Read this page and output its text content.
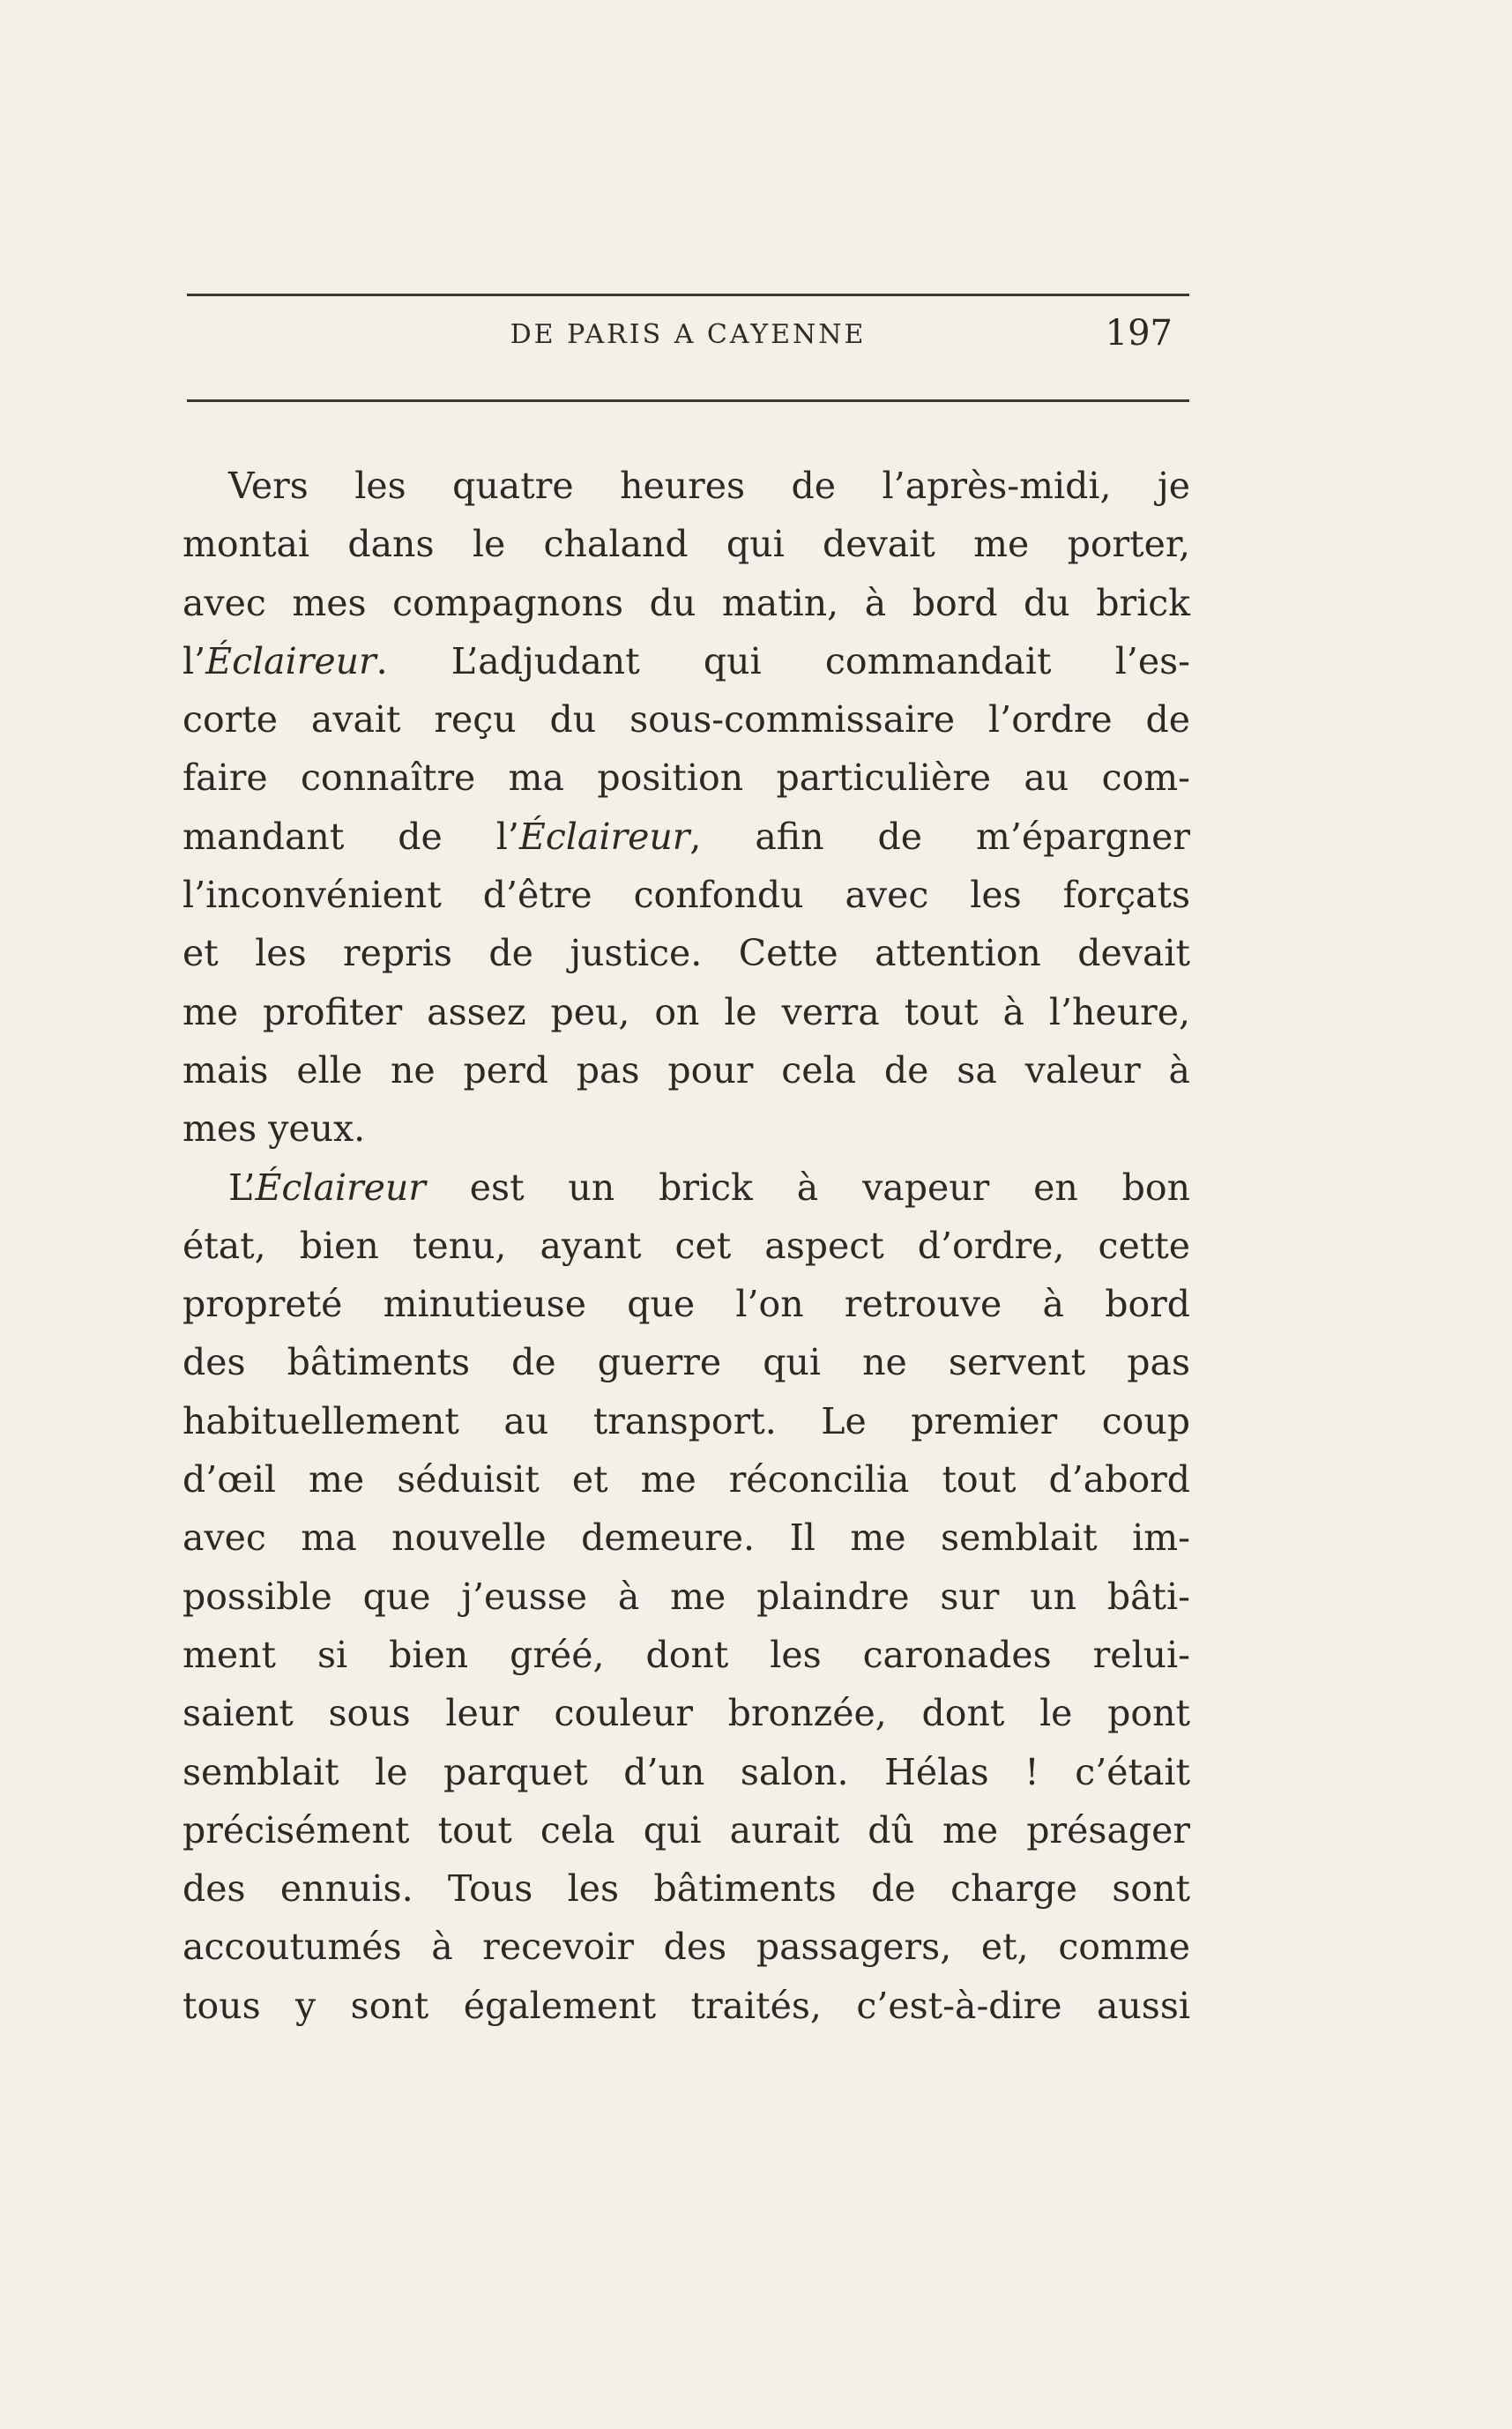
DE PARIS A CAYENNE	197
Vers les quatre heures de l’après-midi, je
montai dans le chaland qui devait me porter,
avec mes compagnons du matin, à bord du brick
l’Éclaireur. L’adjudant qui commandait l’es-
corte avait reçu du sous-commissaire l’ordre de
faire connaître ma position particulière au com-
mandant de l’Éclaireur, afin de m’épargner
l’inconvénient d’être confondu avec les forçats
et les repris de justice. Cette attention devait
me profiter assez peu, on le verra tout à l’heure,
mais elle ne perd pas pour cela de sa valeur à
mes yeux.
L’Éclaireur est un brick à vapeur en bon
état, bien tenu, ayant cet aspect d’ordre, cette
propreté minutieuse que l’on retrouve à bord
des bâtiments de guerre qui ne servent pas
habituellement au transport. Le premier coup
d’œil me séduisit et me réconcilia tout d’abord
avec ma nouvelle demeure. Il me semblait im-
possible que j’eusse à me plaindre sur un bâti-
ment si bien gréé, dont les caronades relui-
saient sous leur couleur bronzée, dont le pont
semblait le parquet d’un salon. Hélas ! c’était
précisément tout cela qui aurait dû me présager
des ennuis. Tous les bâtiments de charge sont
accoutumés à recevoir des passagers, et, comme
tous y sont également traités, c’est-à-dire aussi
